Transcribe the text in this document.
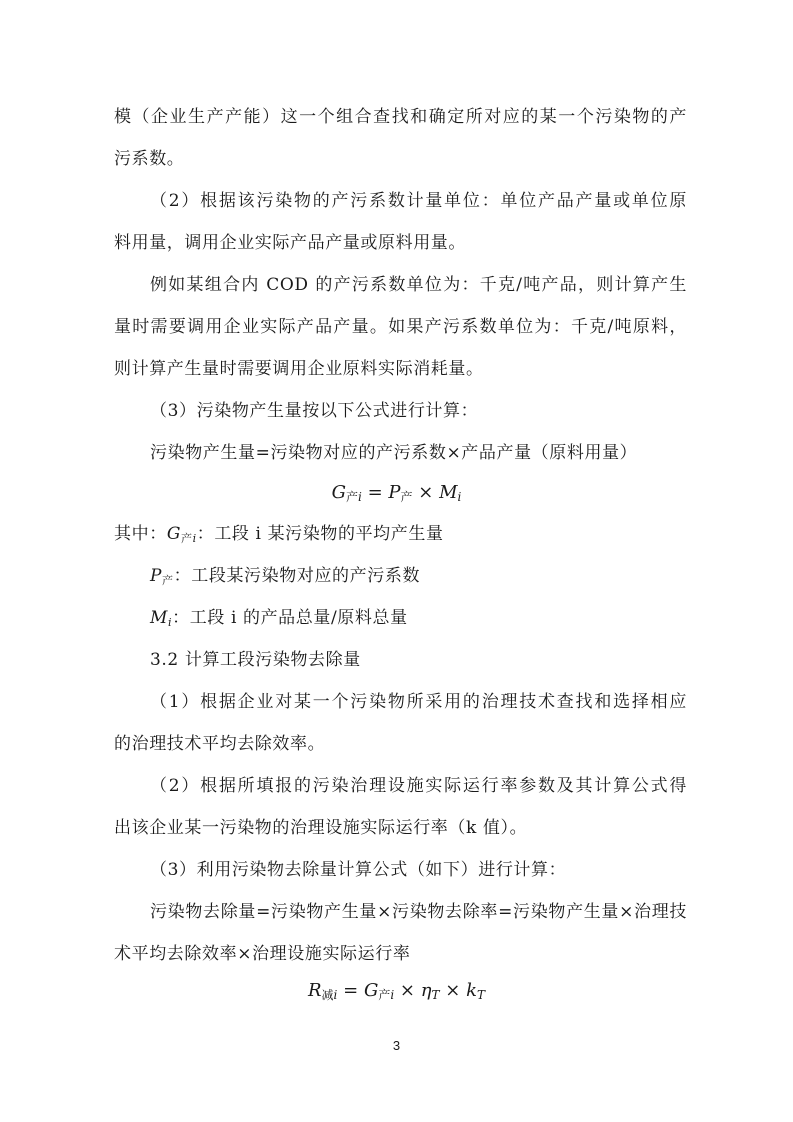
模（企业生产产能）这一个组合查找和确定所对应的某一个污染物的产
污系数。
（2）根据该污染物的产污系数计量单位：单位产品产量或单位原
料用量，调用企业实际产品产量或原料用量。
例如某组合内 COD 的产污系数单位为：千克/吨产品，则计算产生
量时需要调用企业实际产品产量。如果产污系数单位为：千克/吨原料，
则计算产生量时需要调用企业原料实际消耗量。
（3）污染物产生量按以下公式进行计算：
污染物产生量=污染物对应的产污系数×产品产量（原料用量）
$G_{产i} = P_产 \times M_i$
其中：$G_{产i}$：工段 i 某污染物的平均产生量
$P_产$：工段某污染物对应的产污系数
$M_i$：工段 i 的产品总量/原料总量
3.2 计算工段污染物去除量
（1）根据企业对某一个污染物所采用的治理技术查找和选择相应
的治理技术平均去除效率。
（2）根据所填报的污染治理设施实际运行率参数及其计算公式得
出该企业某一污染物的治理设施实际运行率（k 值）。
（3）利用污染物去除量计算公式（如下）进行计算：
污染物去除量=污染物产生量×污染物去除率=污染物产生量×治理技
术平均去除效率×治理设施实际运行率
$R_{减i} = G_{产i} \times \eta_T \times k_T$
3
